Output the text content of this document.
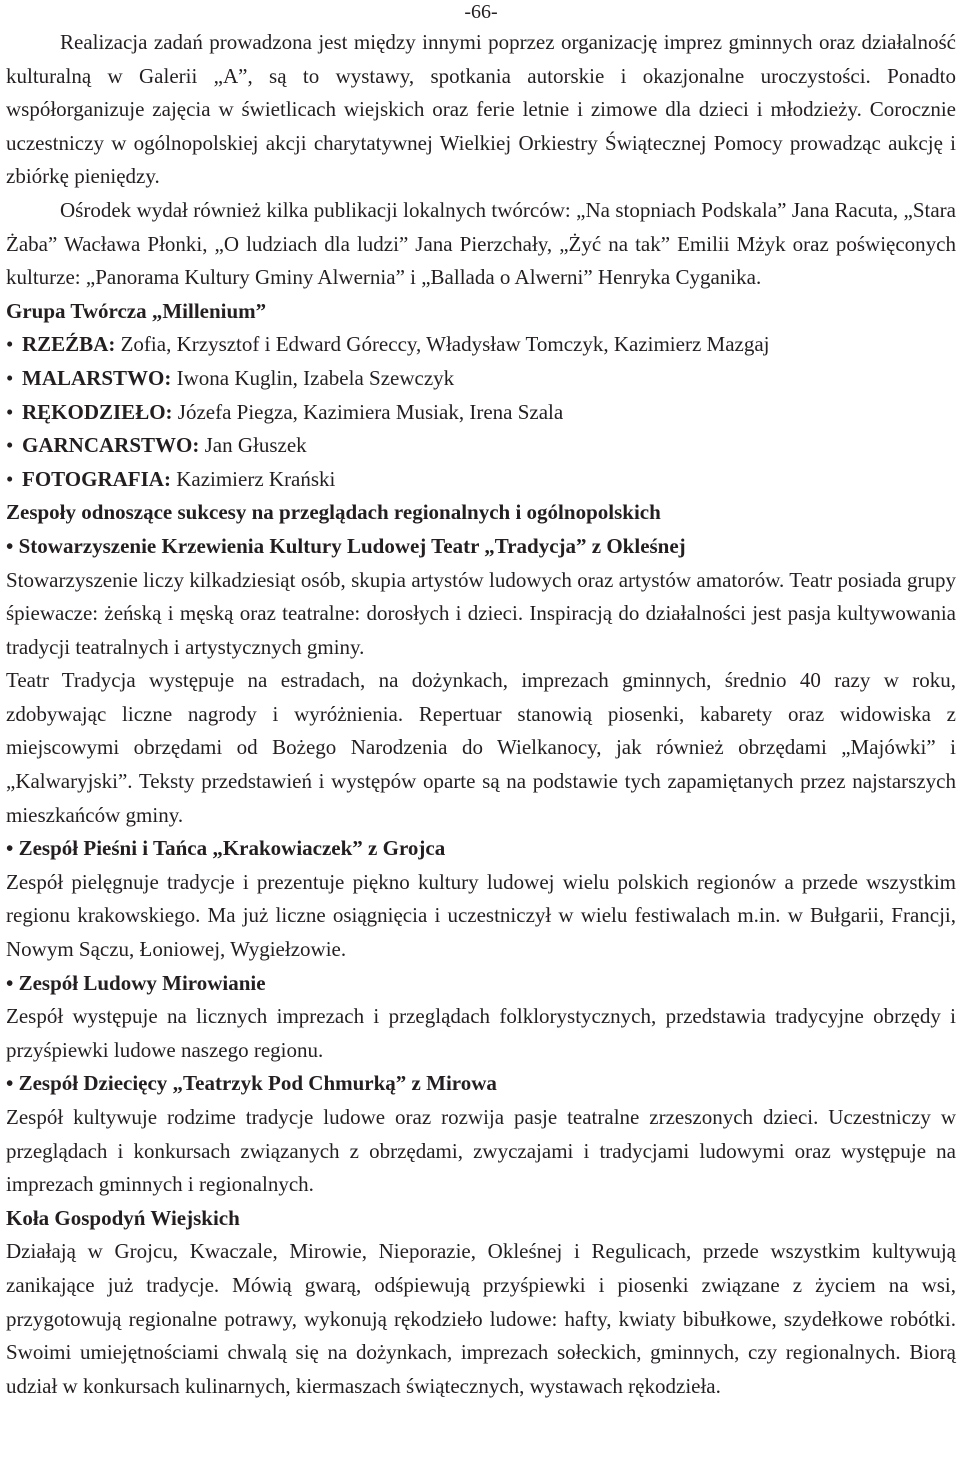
-66-

Realizacja zadań prowadzona jest między innymi poprzez organizację imprez gminnych oraz działalność kulturalną w Galerii „A”, są to wystawy, spotkania autorskie i okazjonalne uroczystości. Ponadto współorganizuje zajęcia w świetlicach wiejskich oraz ferie letnie i zimowe dla dzieci i młodzieży. Corocznie uczestniczy w ogólnopolskiej akcji charytatywnej Wielkiej Orkiestry Świątecznej Pomocy prowadząc aukcję i zbiórkę pieniędzy.

Ośrodek wydał również kilka publikacji lokalnych twórców: „Na stopniach Podskala” Jana Racuta, „Stara Żaba” Wacława Płonki, „O ludziach dla ludzi” Jana Pierzchały, „Żyć na tak” Emilii Mżyk oraz poświęconych kulturze: „Panorama Kultury Gminy Alwernia” i „Ballada o Alwerni” Henryka Cyganika.

Grupa Twórcza „Millenium”
• RZEŹBA: Zofia, Krzysztof i Edward Góreccy, Władysław Tomczyk, Kazimierz Mazgaj
• MALARSTWO: Iwona Kuglin, Izabela Szewczyk
• RĘKODZIEŁO: Józefa Piegza, Kazimiera Musiak, Irena Szala
• GARNCARSTWO: Jan Głuszek
• FOTOGRAFIA: Kazimierz Krański
Zespoły odnoszące sukcesy na przeglądach regionalnych i ogólnopolskich
• Stowarzyszenie Krzewienia Kultury Ludowej Teatr „Tradycja” z Okleśnej

Stowarzyszenie liczy kilkadziesiąt osób, skupia artystów ludowych oraz artystów amatorów. Teatr posiada grupy śpiewacze: żeńską i męską oraz teatralne: dorosłych i dzieci. Inspiracją do działalności jest pasja kultywowania tradycji teatralnych i artystycznych gminy.

Teatr Tradycja występuje na estradach, na dożynkach, imprezach gminnych, średnio 40 razy w roku, zdobywając liczne nagrody i wyróżnienia. Repertuar stanowią piosenki, kabarety oraz widowiska z miejscowymi obrzędami od Bożego Narodzenia do Wielkanocy, jak również obrzędami „Majówki” i „Kalwaryjski”. Teksty przedstawień i występów oparte są na podstawie tych zapamiętanych przez najstarszych mieszkańców gminy.

• Zespół Pieśni i Tańca „Krakowiaczek” z Grojca

Zespół pielęgnuje tradycje i prezentuje piękno kultury ludowej wielu polskich regionów a przede wszystkim regionu krakowskiego. Ma już liczne osiągnięcia i uczestniczył w wielu festiwalach m.in. w Bułgarii, Francji, Nowym Sączu, Łoniowej, Wygiełzowie.

• Zespół Ludowy Mirowianie

Zespół występuje na licznych imprezach i przeglądach folklorystycznych, przedstawia tradycyjne obrzędy i przyśpiewki ludowe naszego regionu.

• Zespół Dziecięcy „Teatrzyk Pod Chmurką” z Mirowa

Zespół kultywuje rodzime tradycje ludowe oraz rozwija pasje teatralne zrzeszonych dzieci. Uczestniczy w przeglądach i konkursach związanych z obrzędami, zwyczajami i tradycjami ludowymi oraz występuje na imprezach gminnych i regionalnych.

Koła Gospodyń Wiejskich

Działają w Grojcu, Kwaczale, Mirowie, Nieporazie, Okleśnej i Regulicach, przede wszystkim kultywują zanikające już tradycje. Mówią gwarą, odśpiewują przyśpiewki i piosenki związane z życiem na wsi, przygotowują regionalne potrawy, wykonują rękodzieło ludowe: hafty, kwiaty bibułkowe, szydełkowe robótki. Swoimi umiejętnościami chwalą się na dożynkach, imprezach sołeckich, gminnych, czy regionalnych. Biorą udział w konkursach kulinarnych, kiermaszach świątecznych, wystawach rękodzieła.
